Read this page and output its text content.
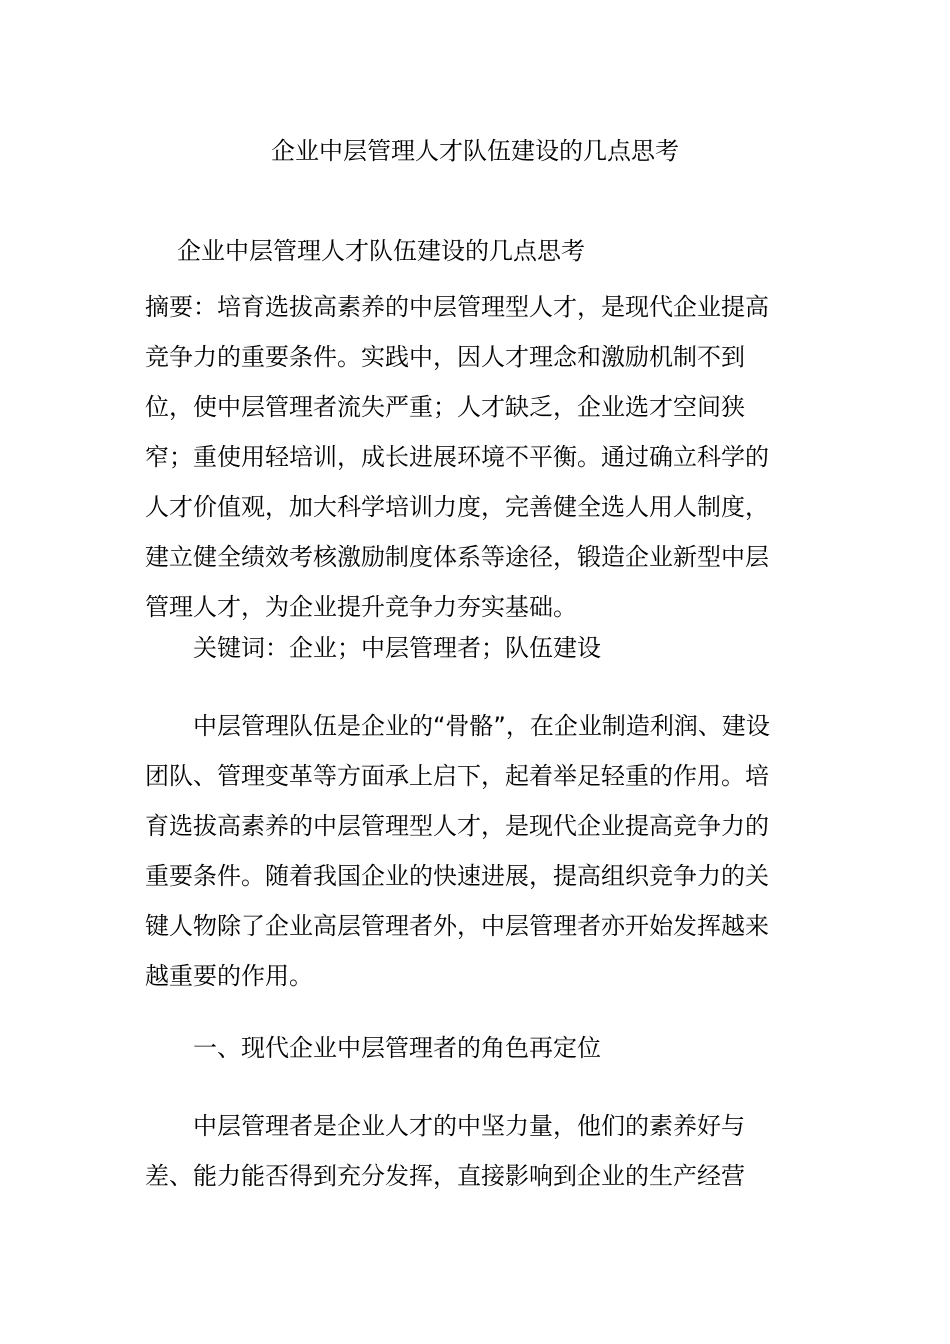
企业中层管理人才队伍建设的几点思考

企业中层管理人才队伍建设的几点思考

摘要：培育选拔高素养的中层管理型人才，是现代企业提高竞争力的重要条件。实践中，因人才理念和激励机制不到位，使中层管理者流失严重；人才缺乏，企业选才空间狭窄；重使用轻培训，成长进展环境不平衡。通过确立科学的人才价值观，加大科学培训力度，完善健全选人用人制度，建立健全绩效考核激励制度体系等途径，锻造企业新型中层管理人才，为企业提升竞争力夯实基础。

关键词：企业；中层管理者；队伍建设

中层管理队伍是企业的“骨骼”，在企业制造利润、建设团队、管理变革等方面承上启下，起着举足轻重的作用。培育选拔高素养的中层管理型人才，是现代企业提高竞争力的重要条件。随着我国企业的快速进展，提高组织竞争力的关键人物除了企业高层管理者外，中层管理者亦开始发挥越来越重要的作用。

一、现代企业中层管理者的角色再定位

中层管理者是企业人才的中坚力量，他们的素养好与差、能力能否得到充分发挥，直接影响到企业的生产经营
